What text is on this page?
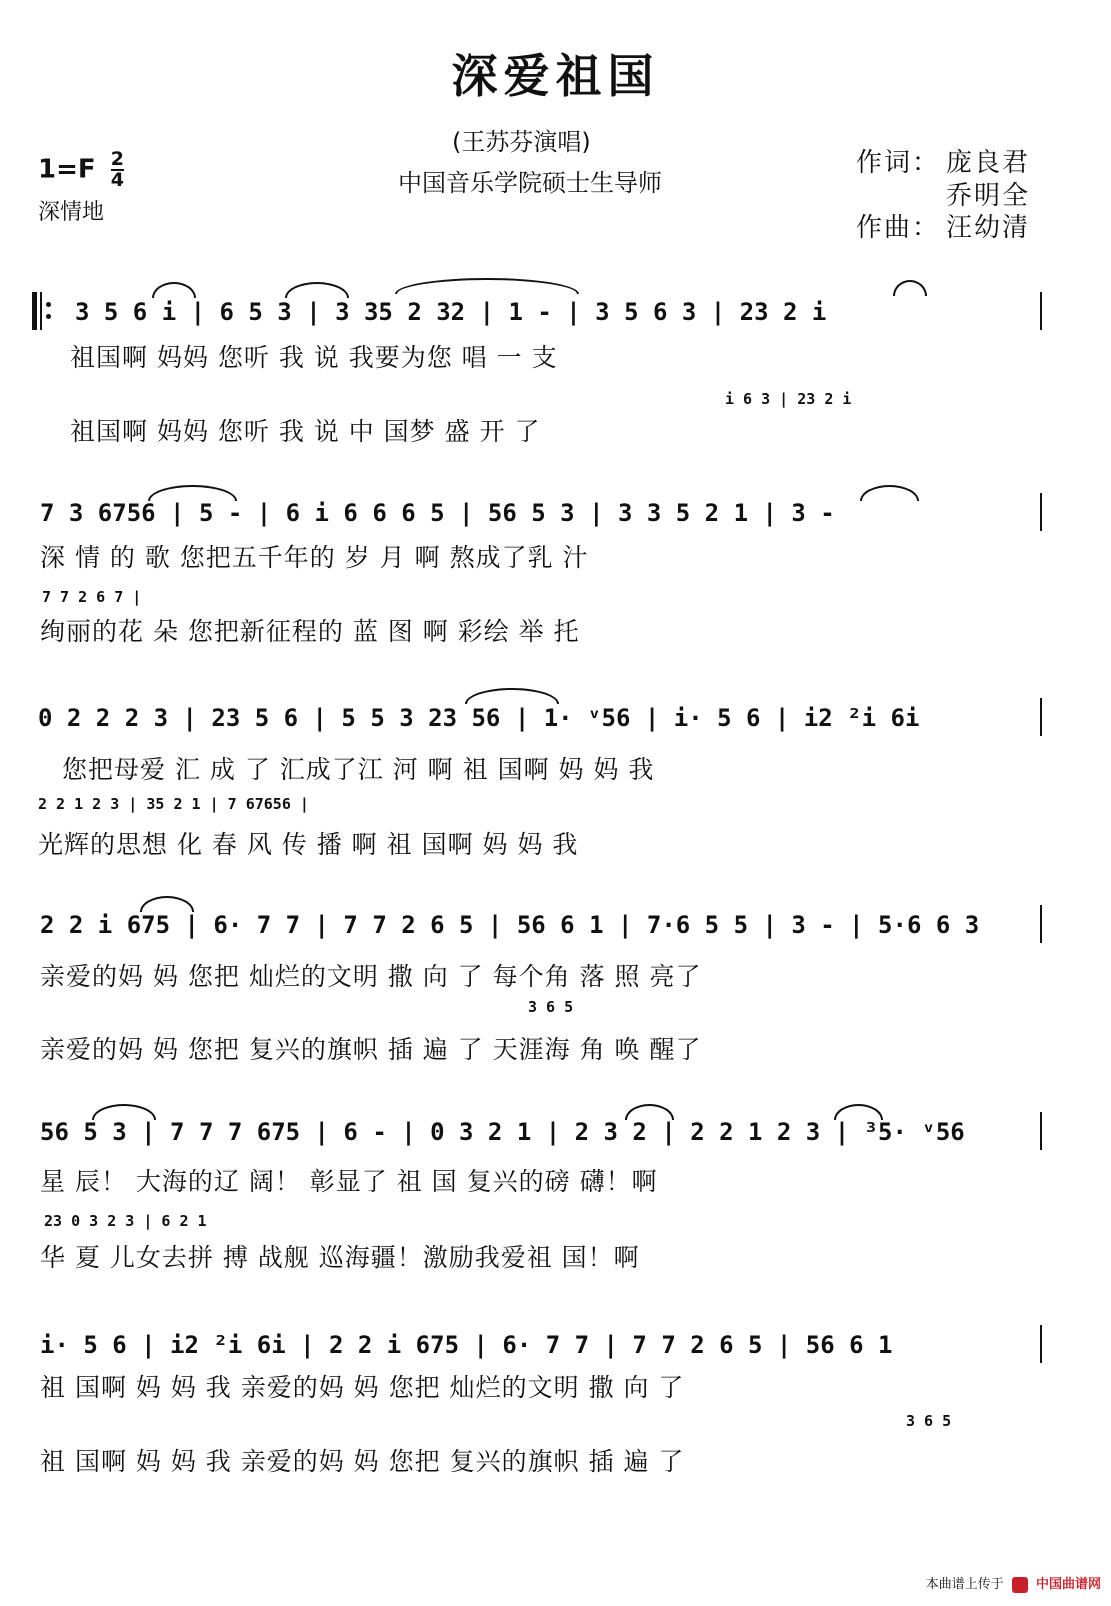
深爱祖国
(王苏芬演唱)
中国音乐学院硕士生导师
$1=F \frac{2}{4}$
深情地
作词： 庞良君
乔明全
作曲： 汪幼清
3 5 6 i | 6 5 3 | 3 35 2 32 | 1 - | 3 5 6 3 | 23 2 i
祖国啊 妈妈 您听 我 说 我要为您 唱 一 支
i 6 3 | 23 2 i
祖国啊 妈妈 您听 我 说 中 国梦 盛 开 了
7 3 6756 | 5 - | 6 i 6 6 6 5 | 56 5 3 | 3 3 5 2 1 | 3 -
深 情 的 歌 您把五千年的 岁 月 啊 熬成了乳 汁
7 7 2 6 7 |
绚丽的花 朵 您把新征程的 蓝 图 啊 彩绘 举 托
0 2 2 2 3 | 23 5 6 | 5 5 3 23 56 | 1· ᵛ56 | i· 5 6 | i2 ²i 6i
您把母爱 汇 成 了 汇成了江 河 啊 祖 国啊 妈 妈 我
2 2 1 2 3 | 35 2 1 | 7 67656 |
光辉的思想 化 春 风 传 播 啊 祖 国啊 妈 妈 我
2 2 i 675 | 6· 7 7 | 7 7 2 6 5 | 56 6 1 | 7·6 5 5 | 3 - | 5·6 6 3
亲爱的妈 妈 您把 灿烂的文明 撒 向 了 每个角 落 照 亮了
3 6 5
亲爱的妈 妈 您把 复兴的旗帜 插 遍 了 天涯海 角 唤 醒了
56 5 3 | 7 7 7 675 | 6 - | 0 3 2 1 | 2 3 2 | 2 2 1 2 3 | ³5· ᵛ56
星 辰！ 大海的辽 阔！ 彰显了 祖 国 复兴的磅 礴！啊
23 0 3 2 3 | 6 2 1
华 夏 儿女去拼 搏 战舰 巡海疆！激励我爱祖 国！啊
i· 5 6 | i2 ²i 6i | 2 2 i 675 | 6· 7 7 | 7 7 2 6 5 | 56 6 1
祖 国啊 妈 妈 我 亲爱的妈 妈 您把 灿烂的文明 撒 向 了
3 6 5
祖 国啊 妈 妈 我 亲爱的妈 妈 您把 复兴的旗帜 插 遍 了
本曲谱上传于 中国曲谱网
